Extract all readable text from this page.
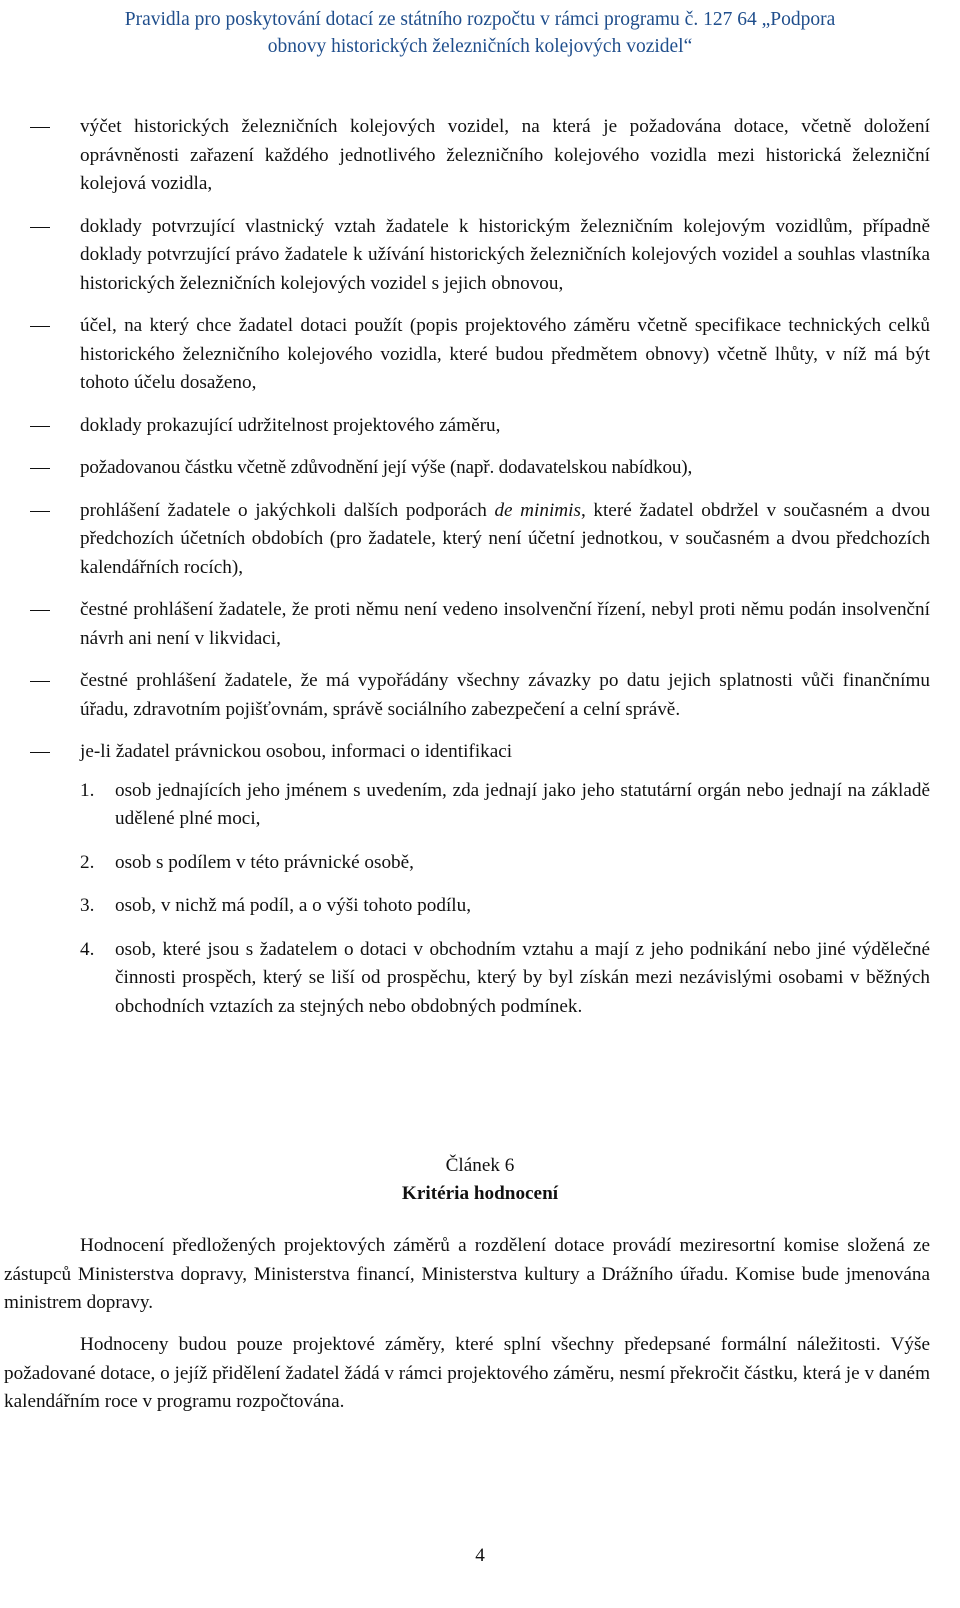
Pravidla pro poskytování dotací ze státního rozpočtu v rámci programu č. 127 64 „Podpora
obnovy historických železničních kolejových vozidel“
výčet historických železničních kolejových vozidel, na která je požadována dotace, včetně doložení oprávněnosti zařazení každého jednotlivého železničního kolejového vozidla mezi historická železniční kolejová vozidla,
doklady potvrzující vlastnický vztah žadatele k historickým železničním kolejovým vozidlům, případně doklady potvrzující právo žadatele k užívání historických železničních kolejových vozidel a souhlas vlastníka historických železničních kolejových vozidel s jejich obnovou,
účel, na který chce žadatel dotaci použít (popis projektového záměru včetně specifikace technických celků historického železničního kolejového vozidla, které budou předmětem obnovy) včetně lhůty, v níž má být tohoto účelu dosaženo,
doklady prokazující udržitelnost projektového záměru,
požadovanou částku včetně zdůvodnění její výše (např. dodavatelskou nabídkou),
prohlášení žadatele o jakýchkoli dalších podporách de minimis, které žadatel obdržel v současném a dvou předchozích účetních obdobích (pro žadatele, který není účetní jednotkou, v současném a dvou předchozích kalendářních rocích),
čestné prohlášení žadatele, že proti němu není vedeno insolvenční řízení, nebyl proti němu podán insolvenční návrh ani není v likvidaci,
čestné prohlášení žadatele, že má vypořádány všechny závazky po datu jejich splatnosti vůči finančnímu úřadu, zdravotním pojišťovnám, správě sociálního zabezpečení a celní správě.
je-li žadatel právnickou osobou, informaci o identifikaci
1. osob jednajících jeho jménem s uvedením, zda jednají jako jeho statutární orgán nebo jednají na základě udělené plné moci,
2. osob s podílem v této právnické osobě,
3. osob, v nichž má podíl, a o výši tohoto podílu,
4. osob, které jsou s žadatelem o dotaci v obchodním vztahu a mají z jeho podnikání nebo jiné výdělečné činnosti prospěch, který se liší od prospěchu, který by byl získán mezi nezávislými osobami v běžných obchodních vztazích za stejných nebo obdobných podmínek.
Článek 6
Kritéria hodnocení

Hodnocení předložených projektových záměrů a rozdělení dotace provádí meziresortní komise složená ze zástupců Ministerstva dopravy, Ministerstva financí, Ministerstva kultury a Drážního úřadu. Komise bude jmenována ministrem dopravy.

Hodnoceny budou pouze projektové záměry, které splní všechny předepsané formální náležitosti. Výše požadované dotace, o jejíž přidělení žadatel žádá v rámci projektového záměru, nesmí překročit částku, která je v daném kalendářním roce v programu rozpočtována.

4
